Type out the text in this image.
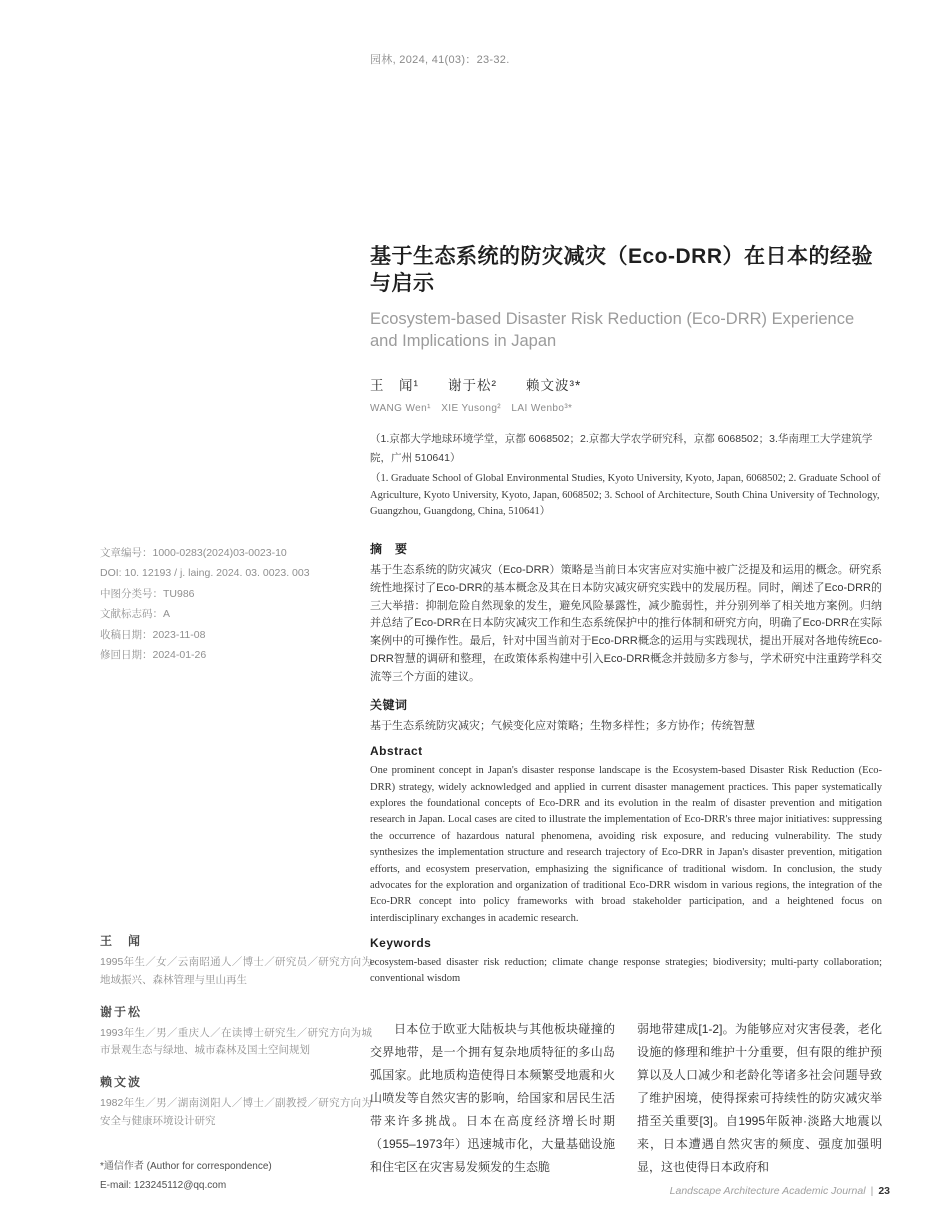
园林, 2024, 41(03)：23-32.
基于生态系统的防灾减灾（Eco-DRR）在日本的经验与启示
Ecosystem-based Disaster Risk Reduction (Eco-DRR) Experience and Implications in Japan
王　闻¹　　谢于松²　　赖文波³*
WANG Wen¹　XIE Yusong²　LAI Wenbo³*
（1.京都大学地球环境学堂，京都 6068502；2.京都大学农学研究科，京都 6068502；3.华南理工大学建筑学院，广州 510641）
（1. Graduate School of Global Environmental Studies, Kyoto University, Kyoto, Japan, 6068502; 2. Graduate School of Agriculture, Kyoto University, Kyoto, Japan, 6068502; 3. School of Architecture, South China University of Technology, Guangzhou, Guangdong, China, 510641）
文章编号：1000-0283(2024)03-0023-10
DOI: 10. 12193 / j. laing. 2024. 03. 0023. 003
中图分类号：TU986
文献标志码：A
收稿日期：2023-11-08
修回日期：2024-01-26
王　闻
1995年生／女／云南昭通人／博士／研究员／研究方向为地域振兴、森林管理与里山再生
谢于松
1993年生／男／重庆人／在读博士研究生／研究方向为城市景观生态与绿地、城市森林及国土空间规划
赖文波
1982年生／男／湖南浏阳人／博士／副教授／研究方向为安全与健康环境设计研究
*通信作者 (Author for correspondence)
E-mail: 123245112@qq.com
摘　要
基于生态系统的防灾减灾（Eco-DRR）策略是当前日本灾害应对实施中被广泛提及和运用的概念。研究系统性地探讨了Eco-DRR的基本概念及其在日本防灾减灾研究实践中的发展历程。同时，阐述了Eco-DRR的三大举措：抑制危险自然现象的发生，避免风险暴露性，减少脆弱性，并分别列举了相关地方案例。归纳并总结了Eco-DRR在日本防灾减灾工作和生态系统保护中的推行体制和研究方向，明确了Eco-DRR在实际案例中的可操作性。最后，针对中国当前对于Eco-DRR概念的运用与实践现状，提出开展对各地传统Eco-DRR智慧的调研和整理，在政策体系构建中引入Eco-DRR概念并鼓励多方参与，学术研究中注重跨学科交流等三个方面的建议。
关键词
基于生态系统防灾减灾；气候变化应对策略；生物多样性；多方协作；传统智慧
Abstract
One prominent concept in Japan's disaster response landscape is the Ecosystem-based Disaster Risk Reduction (Eco-DRR) strategy, widely acknowledged and applied in current disaster management practices. This paper systematically explores the foundational concepts of Eco-DRR and its evolution in the realm of disaster prevention and mitigation research in Japan. Local cases are cited to illustrate the implementation of Eco-DRR's three major initiatives: suppressing the occurrence of hazardous natural phenomena, avoiding risk exposure, and reducing vulnerability. The study synthesizes the implementation structure and research trajectory of Eco-DRR in Japan's disaster prevention, mitigation efforts, and ecosystem preservation, emphasizing the significance of traditional wisdom. In conclusion, the study advocates for the exploration and organization of traditional Eco-DRR wisdom in various regions, the integration of the Eco-DRR concept into policy frameworks with broad stakeholder participation, and a heightened focus on interdisciplinary exchanges in academic research.
Keywords
ecosystem-based disaster risk reduction; climate change response strategies; biodiversity; multi-party collaboration; conventional wisdom
日本位于欧亚大陆板块与其他板块碰撞的交界地带，是一个拥有复杂地质特征的多山岛弧国家。此地质构造使得日本频繁受地震和火山喷发等自然灾害的影响，给国家和居民生活带来许多挑战。日本在高度经济增长时期（1955–1973年）迅速城市化，大量基础设施和住宅区在灾害易发频发的生态脆
弱地带建成[1-2]。为能够应对灾害侵袭，老化设施的修理和维护十分重要，但有限的维护预算以及人口减少和老龄化等诸多社会问题导致了维护困境，使得探索可持续性的防灾减灾举措至关重要[3]。自1995年阪神·淡路大地震以来，日本遭遇自然灾害的频度、强度加强明显，这也使得日本政府和
Landscape Architecture Academic Journal | 23
